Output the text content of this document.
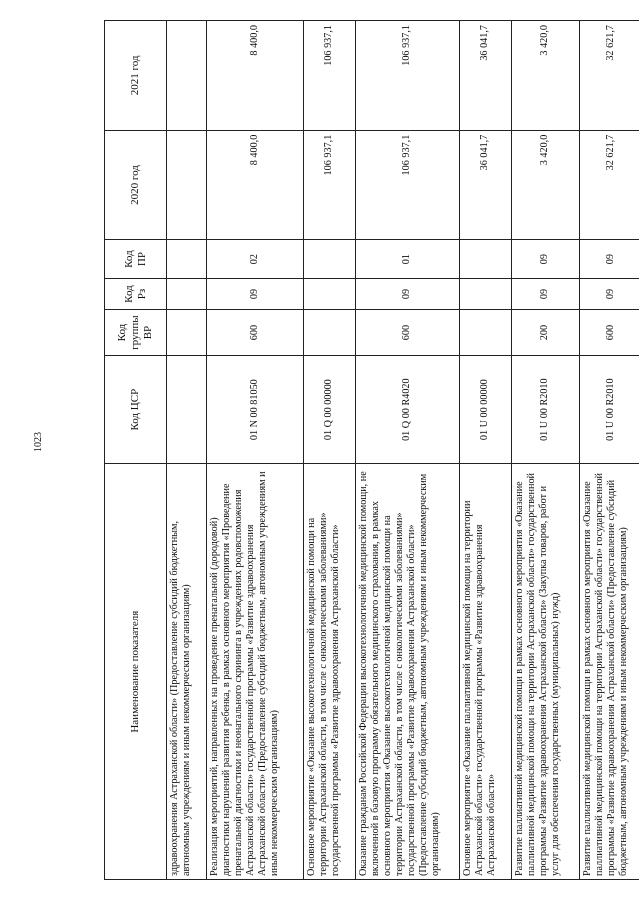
1023
Наименование показателя	Код ЦСР	Код группы ВР	Код Рз	Код ПР	2020 год	2021 год
здравоохранения Астраханской области» (Предоставление субсидий бюджетным, автономным учреждениям и иным некоммерческим организациям)						
Реализация мероприятий, направленных на проведение пренатальной (дородовой) диагностики нарушений развития ребенка, в рамках основного мероприятия «Проведение пренатальной диагностики и неонатального скрининга в учреждениях родовспоможения Астраханской области» государственной программы «Развитие здравоохранения Астраханской области» (Предоставление субсидий бюджетным, автономным учреждениям и иным некоммерческим организациям)	01 N 00 81050	600	09	02	8 400,0	8 400,0
Основное мероприятие «Оказание высокотехнологичной медицинской помощи на территории Астраханской области, в том числе с онкологическими заболеваниями» государственной программы «Развитие здравоохранения Астраханской области»	01 Q 00 00000				106 937,1	106 937,1
Оказание гражданам Российской Федерации высокотехнологичной медицинской помощи, не включенной в базовую программу обязательного медицинского страхования, в рамках основного мероприятия «Оказание высокотехнологичной медицинской помощи на территории Астраханской области, в том числе с онкологическими заболеваниями» государственной программы «Развитие здравоохранения Астраханской области» (Предоставление субсидий бюджетным, автономным учреждениям и иным некоммерческим организациям)	01 Q 00 R4020	600	09	01	106 937,1	106 937,1
Основное мероприятие «Оказание паллиативной медицинской помощи на территории Астраханской области» государственной программы «Развитие здравоохранения Астраханской области»	01 U 00 00000				36 041,7	36 041,7
Развитие паллиативной медицинской помощи в рамках основного мероприятия «Оказание паллиативной медицинской помощи на территории Астраханской области» государственной программы «Развитие здравоохранения Астраханской области» (Закупка товаров, работ и услуг для обеспечения государственных (муниципальных) нужд)	01 U 00 R2010	200	09	09	3 420,0	3 420,0
Развитие паллиативной медицинской помощи в рамках основного мероприятия «Оказание паллиативной медицинской помощи на территории Астраханской области» государственной программы «Развитие здравоохранения Астраханской области» (Предоставление субсидий бюджетным, автономным учреждениям и иным некоммерческим организациям)	01 U 00 R2010	600	09	09	32 621,7	32 621,7
